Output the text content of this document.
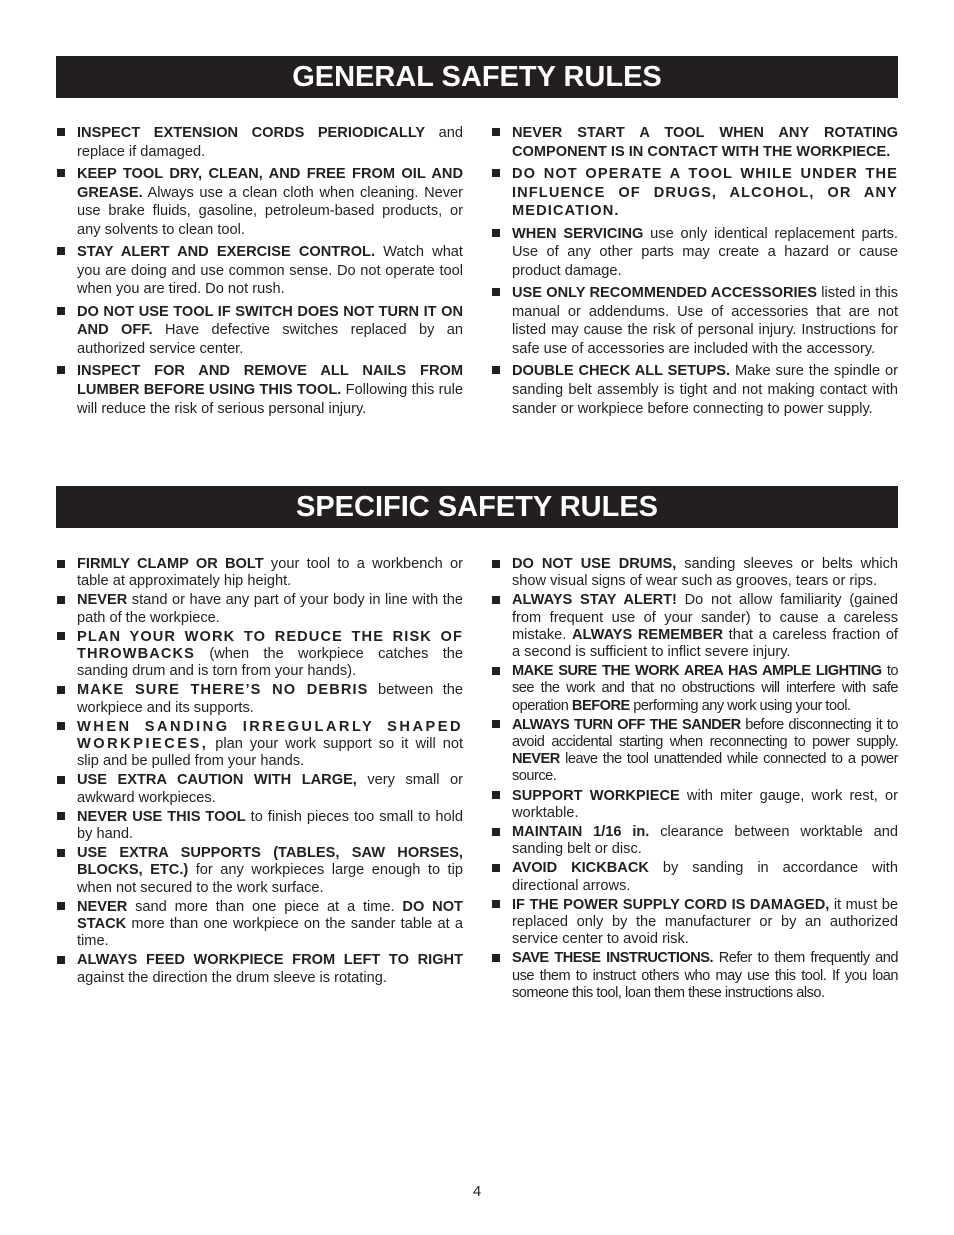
GENERAL SAFETY RULES
INSPECT EXTENSION CORDS PERIODICALLY and replace if damaged.
KEEP TOOL DRY, CLEAN, AND FREE FROM OIL AND GREASE. Always use a clean cloth when cleaning. Never use brake fluids, gasoline, petroleum-based products, or any solvents to clean tool.
STAY ALERT AND EXERCISE CONTROL. Watch what you are doing and use common sense. Do not operate tool when you are tired. Do not rush.
DO NOT USE TOOL IF SWITCH DOES NOT TURN IT ON AND OFF. Have defective switches replaced by an authorized service center.
INSPECT FOR AND REMOVE ALL NAILS FROM LUMBER BEFORE USING THIS TOOL. Following this rule will reduce the risk of serious personal injury.
NEVER START A TOOL WHEN ANY ROTATING COMPONENT IS IN CONTACT WITH THE WORKPIECE.
DO NOT OPERATE A TOOL WHILE UNDER THE INFLUENCE OF DRUGS, ALCOHOL, OR ANY MEDICATION.
WHEN SERVICING use only identical replacement parts. Use of any other parts may create a hazard or cause product damage.
USE ONLY RECOMMENDED ACCESSORIES listed in this manual or addendums. Use of accessories that are not listed may cause the risk of personal injury. Instructions for safe use of accessories are included with the accessory.
DOUBLE CHECK ALL SETUPS. Make sure the spindle or sanding belt assembly is tight and not making contact with sander or workpiece before connecting to power supply.
SPECIFIC SAFETY RULES
FIRMLY CLAMP OR BOLT your tool to a workbench or table at approximately hip height.
NEVER stand or have any part of your body in line with the path of the workpiece.
PLAN YOUR WORK TO REDUCE THE RISK OF THROWBACKS (when the workpiece catches the sanding drum and is torn from your hands).
MAKE SURE THERE’S NO DEBRIS between the workpiece and its supports.
WHEN SANDING IRREGULARLY SHAPED WORKPIECES, plan your work support so it will not slip and be pulled from your hands.
USE EXTRA CAUTION WITH LARGE, very small or awkward workpieces.
NEVER USE THIS TOOL to finish pieces too small to hold by hand.
USE EXTRA SUPPORTS (TABLES, SAW HORSES, BLOCKS, ETC.) for any workpieces large enough to tip when not secured to the work surface.
NEVER sand more than one piece at a time. DO NOT STACK more than one workpiece on the sander table at a time.
ALWAYS FEED WORKPIECE FROM LEFT TO RIGHT against the direction the drum sleeve is rotating.
DO NOT USE DRUMS, sanding sleeves or belts which show visual signs of wear such as grooves, tears or rips.
ALWAYS STAY ALERT! Do not allow familiarity (gained from frequent use of your sander) to cause a careless mistake. ALWAYS REMEMBER that a careless fraction of a second is sufficient to inflict severe injury.
MAKE SURE THE WORK AREA HAS AMPLE LIGHTING to see the work and that no obstructions will interfere with safe operation BEFORE performing any work using your tool.
ALWAYS TURN OFF THE SANDER before disconnecting it to avoid accidental starting when reconnecting to power supply. NEVER leave the tool unattended while connected to a power source.
SUPPORT WORKPIECE with miter gauge, work rest, or worktable.
MAINTAIN 1/16 in. clearance between worktable and sanding belt or disc.
AVOID KICKBACK by sanding in accordance with directional arrows.
IF THE POWER SUPPLY CORD IS DAMAGED, it must be replaced only by the manufacturer or by an authorized service center to avoid risk.
SAVE THESE INSTRUCTIONS. Refer to them frequently and use them to instruct others who may use this tool. If you loan someone this tool, loan them these instructions also.
4
